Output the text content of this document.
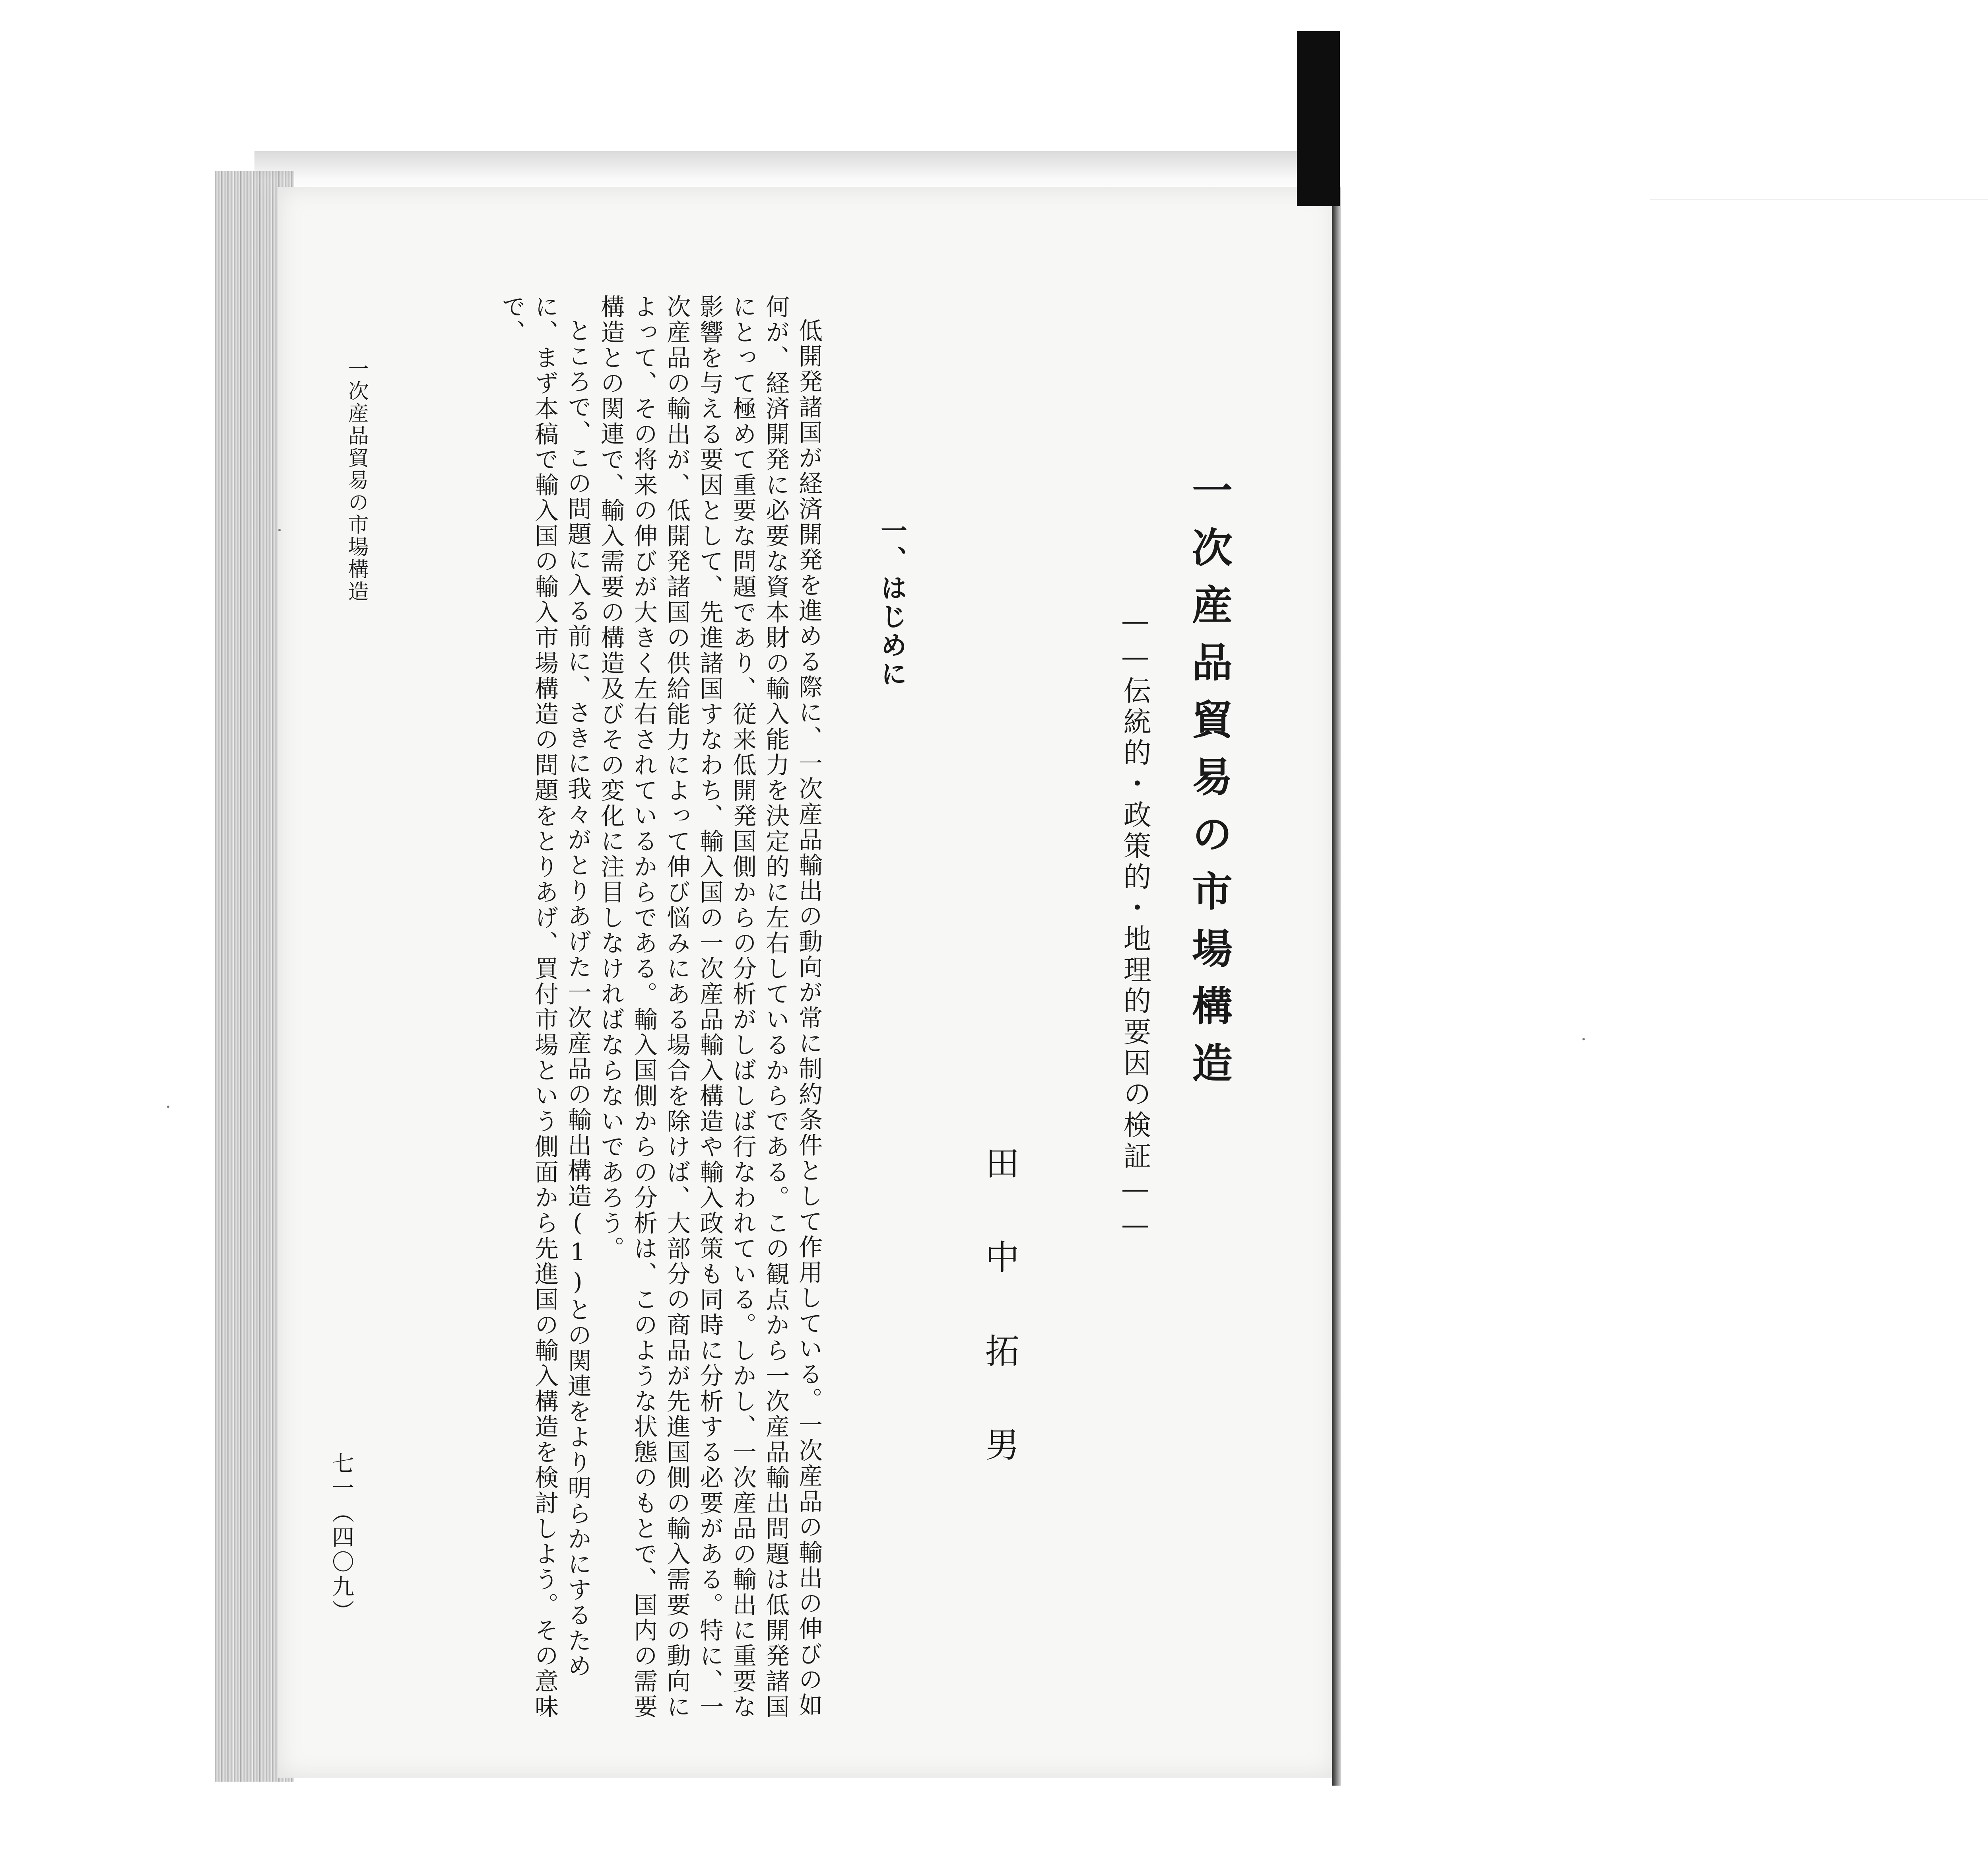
一次産品貿易の市場構造

——伝統的・政策的・地理的要因の検証——

田中拓男

一、はじめに

低開発諸国が経済開発を進める際に、一次産品輸出の動向が常に制約条件として作用している。一次産品の輸出の伸びの如何が、経済開発に必要な資本財の輸入能力を決定的に左右しているからである。この観点から一次産品輸出問題は低開発諸国にとって極めて重要な問題であり、従来低開発国側からの分析がしばしば行なわれている。しかし、一次産品の輸出に重要な影響を与える要因として、先進諸国すなわち、輸入国の一次産品輸入構造や輸入政策も同時に分析する必要がある。特に、一次産品の輸出が、低開発諸国の供給能力によって伸び悩みにある場合を除けば、大部分の商品が先進国側の輸入需要の動向によって、その将来の伸びが大きく左右されているからである。輸入国側からの分析は、このような状態のもとで、国内の需要構造との関連で、輸入需要の構造及びその変化に注目しなければならないであろう。

ところで、この問題に入る前に、さきに我々がとりあげた一次産品の輸出構造(1)との関連をより明らかにするために、まず本稿で輸入国の輸入市場構造の問題をとりあげ、買付市場という側面から先進国の輸入構造を検討しよう。その意味で、

一次産品貿易の市場構造

七一（四〇九）
